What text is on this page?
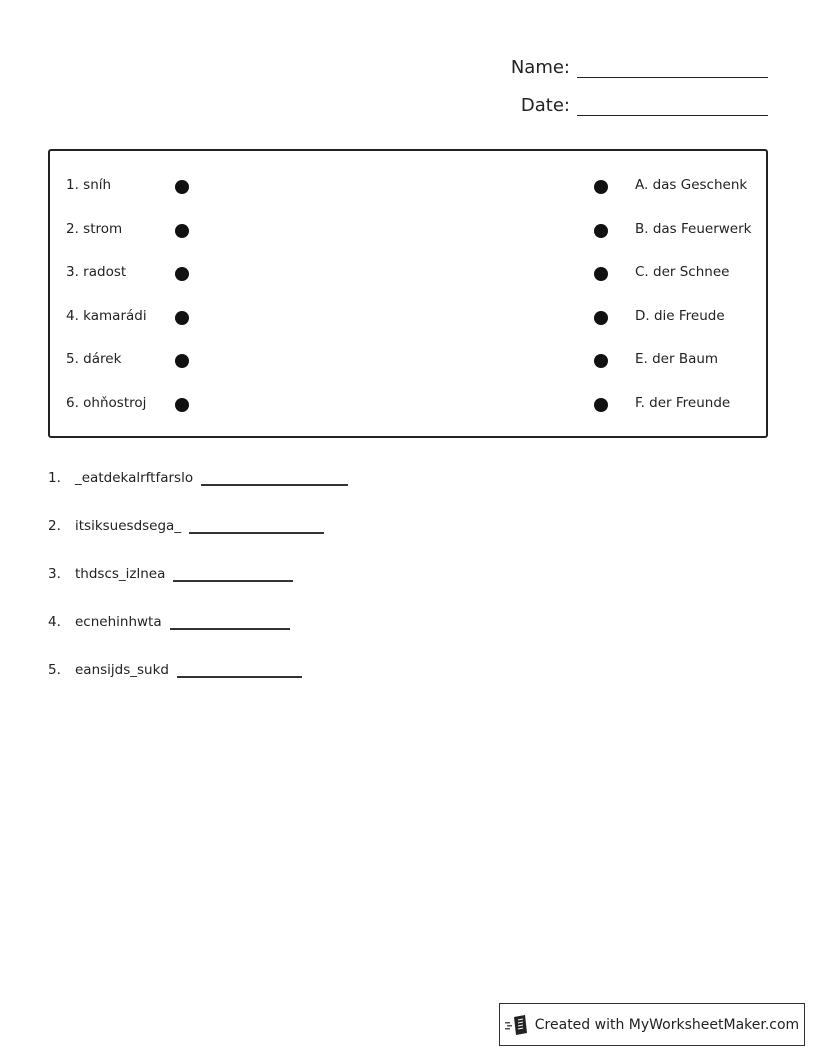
Name:
Date:
1. sníh	A. das Geschenk
2. strom	B. das Feuerwerk
3. radost	C. der Schnee
4. kamarádi	D. die Freude
5. dárek	E. der Baum
6. ohňostroj	F. der Freunde
1.	_eatdekalrftfarslo
2.	itsiksuesdsega_
3.	thdscs_izlnea
4.	ecnehinhwta
5.	eansijds_sukd
Created with MyWorksheetMaker.com
